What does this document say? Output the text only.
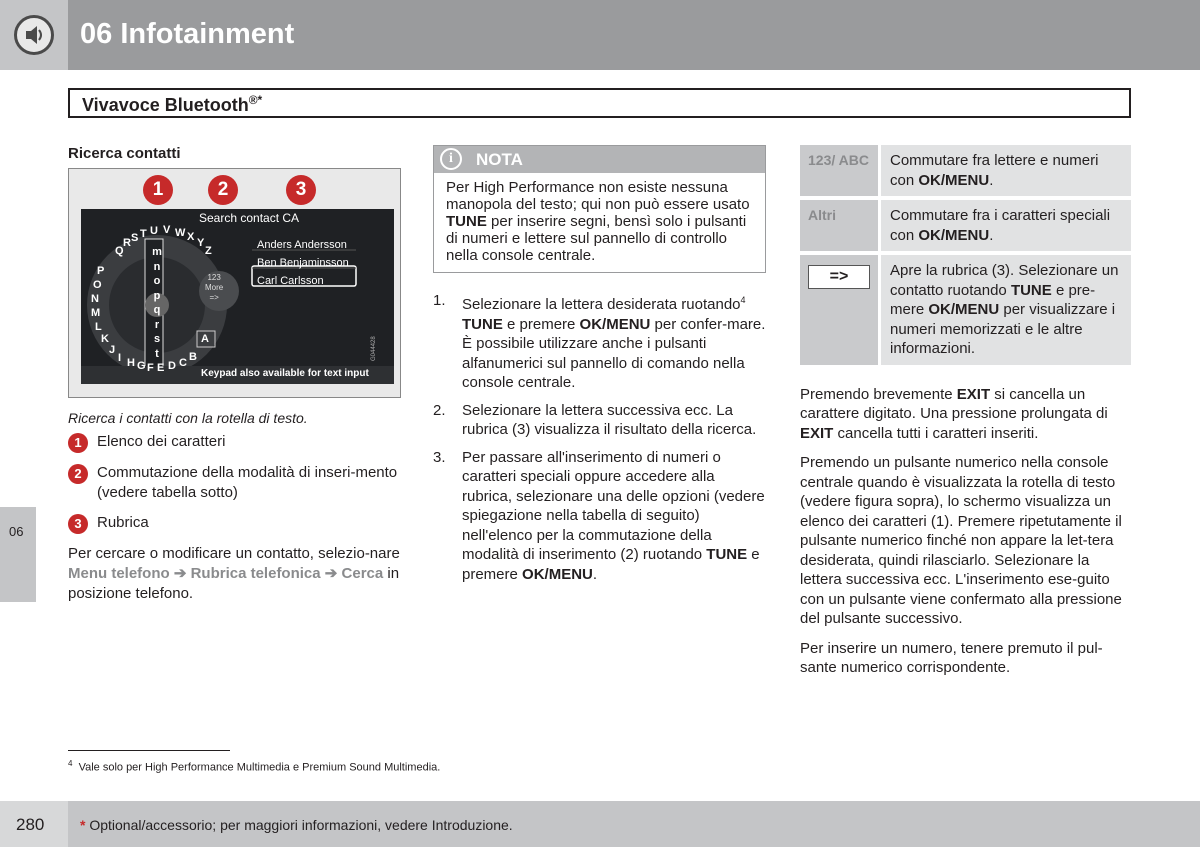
06 Infotainment
Vivavoce Bluetooth®*
06
Ricerca contatti
Search contact CA
Anders Andersson
Ben Benjaminsson
Carl Carlsson
123
More
=>
Keypad also available for text input
Q
R S T U V W X Y
Z
P
O
N
M
L
K
J
I H G F E D C B
A
m
n
o
p
q
r
s
t	G044428
1	2	3
Ricerca i contatti con la rotella di testo.
1	Elenco dei caratteri
2	Commutazione della modalità di inseri-mento (vedere tabella sotto)
3	Rubrica
Per cercare o modificare un contatto, selezio-nare Menu telefono ➔ Rubrica telefonica ➔ Cerca in posizione telefono.
i	NOTA
Per High Performance non esiste nessuna manopola del testo; qui non può essere usato TUNE per inserire segni, bensì solo i pulsanti di numeri e lettere sul pannello di controllo nella console centrale.
1.	Selezionare la lettera desiderata ruotando$^4$ TUNE e premere OK/MENU per confer-mare. È possibile utilizzare anche i pulsanti alfanumerici sul pannello di comando nella console centrale.
2.	Selezionare la lettera successiva ecc. La rubrica (3) visualizza il risultato della ricerca.
3.	Per passare all'inserimento di numeri o caratteri speciali oppure accedere alla rubrica, selezionare una delle opzioni (vedere spiegazione nella tabella di seguito) nell'elenco per la commutazione della modalità di inserimento (2) ruotando TUNE e premere OK/MENU.
123/ ABC	Commutare fra lettere e numeri con OK/MENU.
Altri	Commutare fra i caratteri speciali con OK/MENU.
=>	Apre la rubrica (3). Selezionare un contatto ruotando TUNE e pre-mere OK/MENU per visualizzare i numeri memorizzati e le altre informazioni.
Premendo brevemente EXIT si cancella un carattere digitato. Una pressione prolungata di EXIT cancella tutti i caratteri inseriti.
Premendo un pulsante numerico nella console centrale quando è visualizzata la rotella di testo (vedere figura sopra), lo schermo visualizza un elenco dei caratteri (1). Premere ripetutamente il pulsante numerico finché non appare la let-tera desiderata, quindi rilasciarlo. Selezionare la lettera successiva ecc. L'inserimento ese-guito con un pulsante viene confermato alla pressione del pulsante successivo.
Per inserire un numero, tenere premuto il pul-sante numerico corrispondente.
$^4$ Vale solo per High Performance Multimedia e Premium Sound Multimedia.
280	* Optional/accessorio; per maggiori informazioni, vedere Introduzione.
